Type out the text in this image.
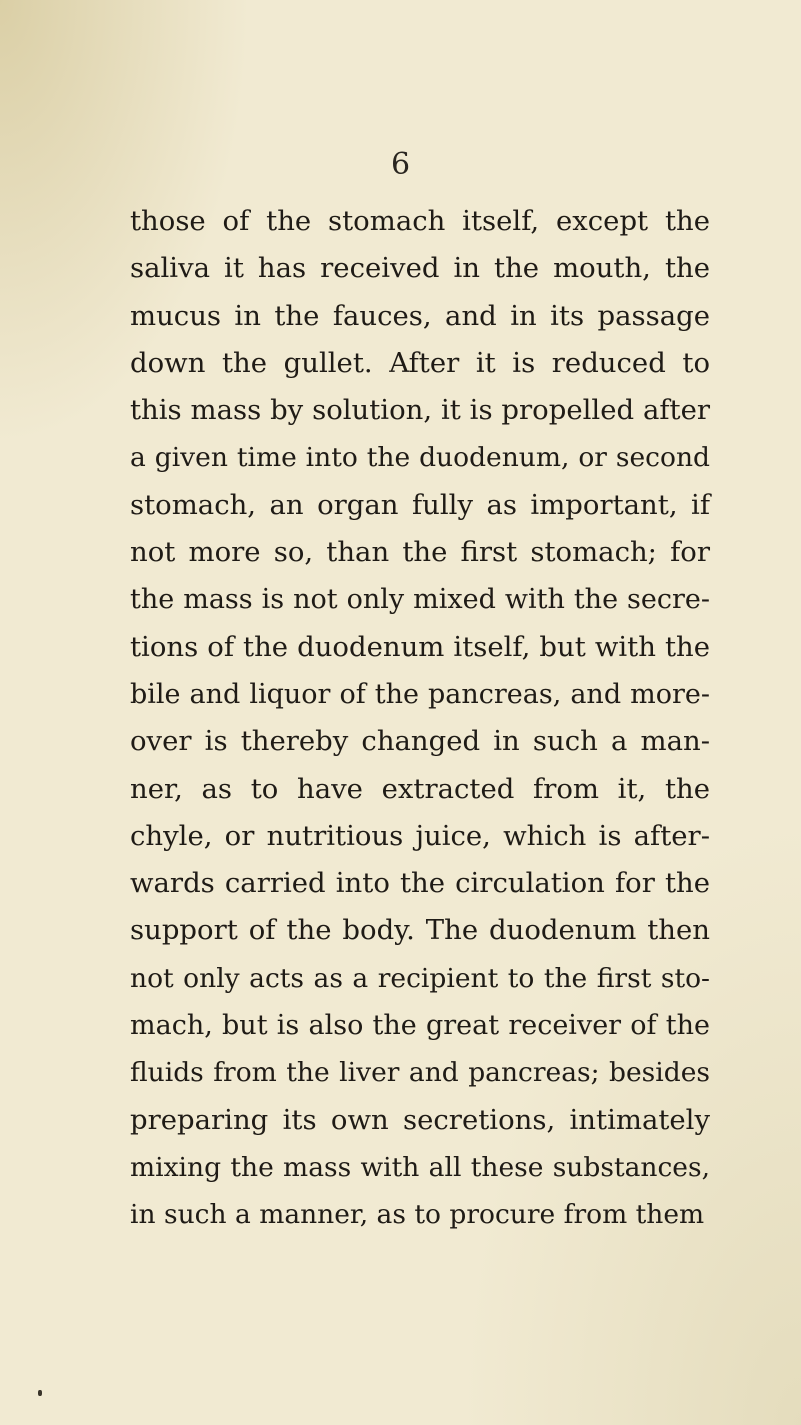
6
those of the stomach itself, except the
saliva it has received in the mouth, the
mucus in the fauces, and in its passage
down the gullet. After it is reduced to
this mass by solution, it is propelled after
a given time into the duodenum, or second
stomach, an organ fully as important, if
not more so, than the first stomach; for
the mass is not only mixed with the secre-
tions of the duodenum itself, but with the
bile and liquor of the pancreas, and more-
over is thereby changed in such a man-
ner, as to have extracted from it, the
chyle, or nutritious juice, which is after-
wards carried into the circulation for the
support of the body. The duodenum then
not only acts as a recipient to the first sto-
mach, but is also the great receiver of the
fluids from the liver and pancreas; besides
preparing its own secretions, intimately
mixing the mass with all these substances,
in such a manner, as to procure from them
